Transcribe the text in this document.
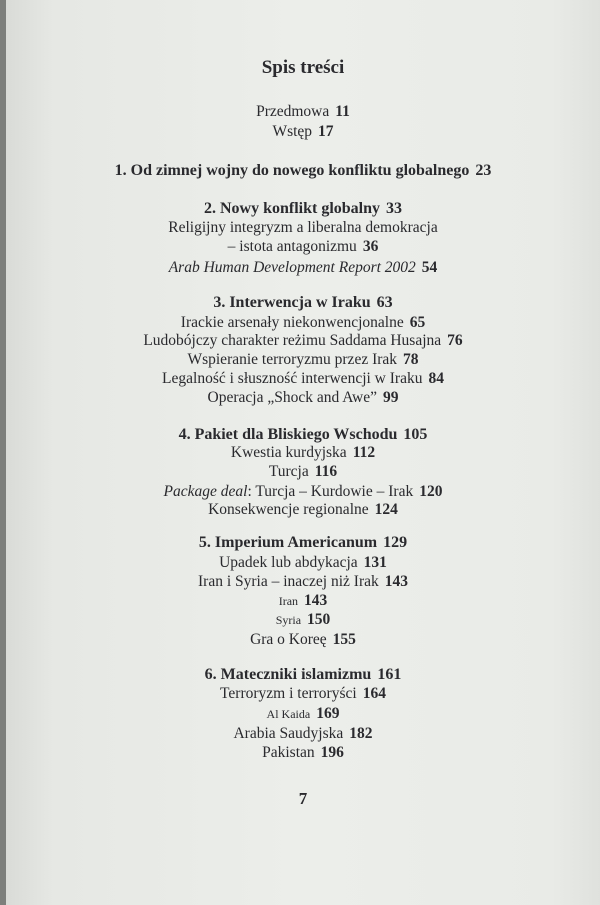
Spis treści
Przedmowa 11
Wstęp 17
1. Od zimnej wojny do nowego konfliktu globalnego 23
2. Nowy konflikt globalny 33
Religijny integryzm a liberalna demokracja
– istota antagonizmu 36
Arab Human Development Report 2002 54
3. Interwencja w Iraku 63
Irackie arsenały niekonwencjonalne 65
Ludobójczy charakter reżimu Saddama Husajna 76
Wspieranie terroryzmu przez Irak 78
Legalność i słuszność interwencji w Iraku 84
Operacja „Shock and Awe” 99
4. Pakiet dla Bliskiego Wschodu 105
Kwestia kurdyjska 112
Turcja 116
Package deal: Turcja – Kurdowie – Irak 120
Konsekwencje regionalne 124
5. Imperium Americanum 129
Upadek lub abdykacja 131
Iran i Syria – inaczej niż Irak 143
Iran 143
Syria 150
Gra o Koreę 155
6. Mateczniki islamizmu 161
Terroryzm i terroryści 164
Al Kaida 169
Arabia Saudyjska 182
Pakistan 196
7
